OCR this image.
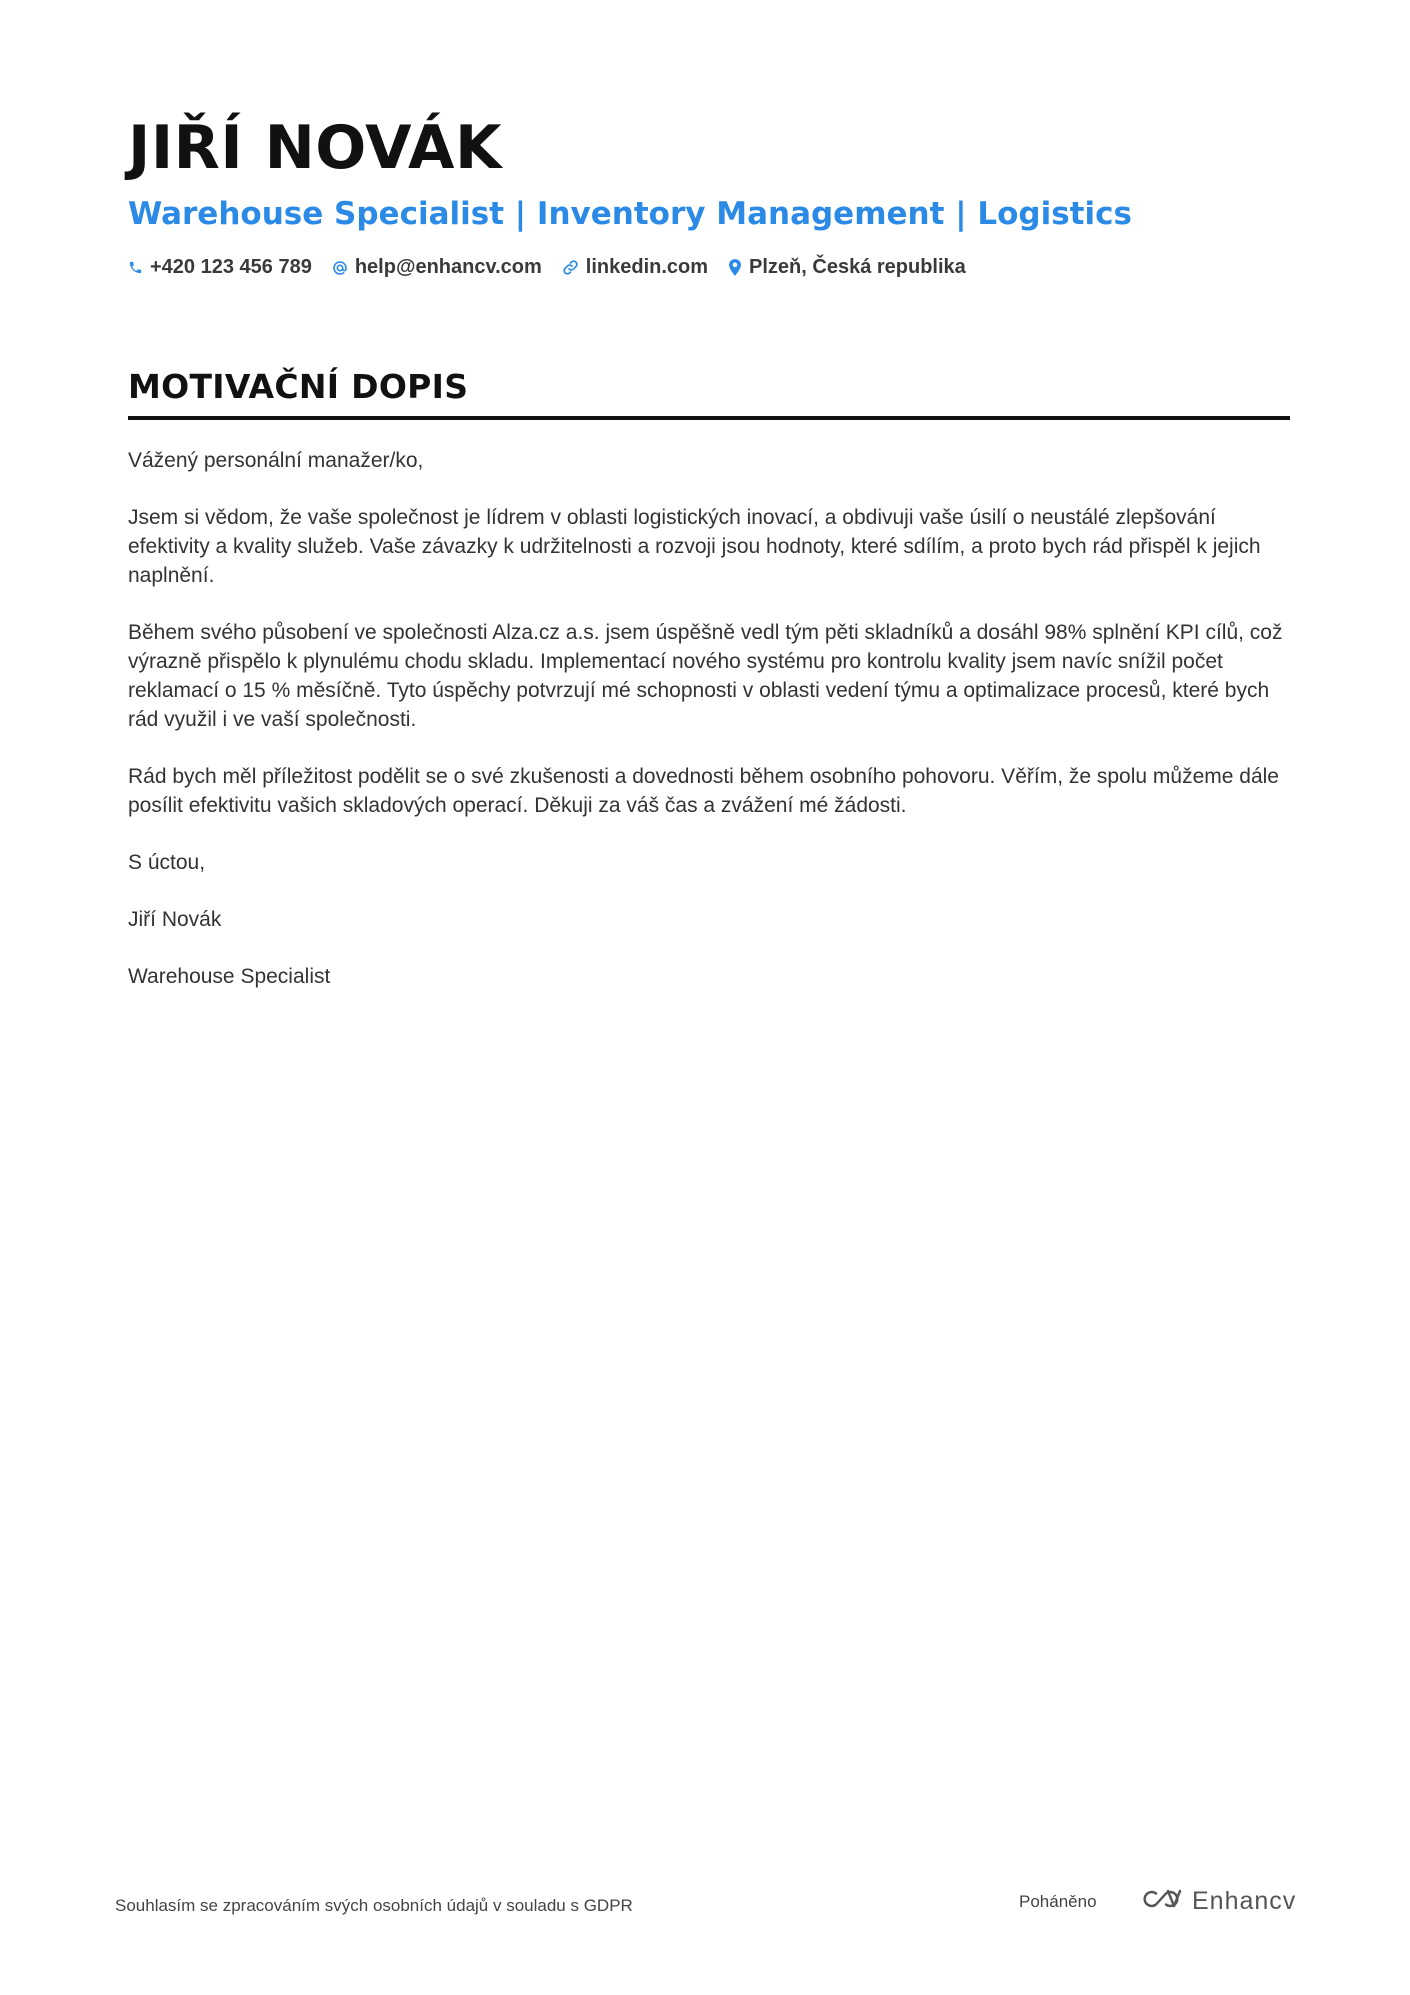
JIŘÍ NOVÁK
Warehouse Specialist | Inventory Management | Logistics
+420 123 456 789 help@enhancv.com linkedin.com Plzeň, Česká republika
MOTIVAČNÍ DOPIS

Vážený personální manažer/ko,

Jsem si vědom, že vaše společnost je lídrem v oblasti logistických inovací, a obdivuji vaše úsilí o neustálé zlepšování efektivity a kvality služeb. Vaše závazky k udržitelnosti a rozvoji jsou hodnoty, které sdílím, a proto bych rád přispěl k jejich naplnění.

Během svého působení ve společnosti Alza.cz a.s. jsem úspěšně vedl tým pěti skladníků a dosáhl 98% splnění KPI cílů, což výrazně přispělo k plynulému chodu skladu. Implementací nového systému pro kontrolu kvality jsem navíc snížil počet reklamací o 15 % měsíčně. Tyto úspěchy potvrzují mé schopnosti v oblasti vedení týmu a optimalizace procesů, které bych rád využil i ve vaší společnosti.

Rád bych měl příležitost podělit se o své zkušenosti a dovednosti během osobního pohovoru. Věřím, že spolu můžeme dále posílit efektivitu vašich skladových operací. Děkuji za váš čas a zvážení mé žádosti.

S úctou,

Jiří Novák

Warehouse Specialist

Souhlasím se zpracováním svých osobních údajů v souladu s GDPR	Poháněno	Enhancv
